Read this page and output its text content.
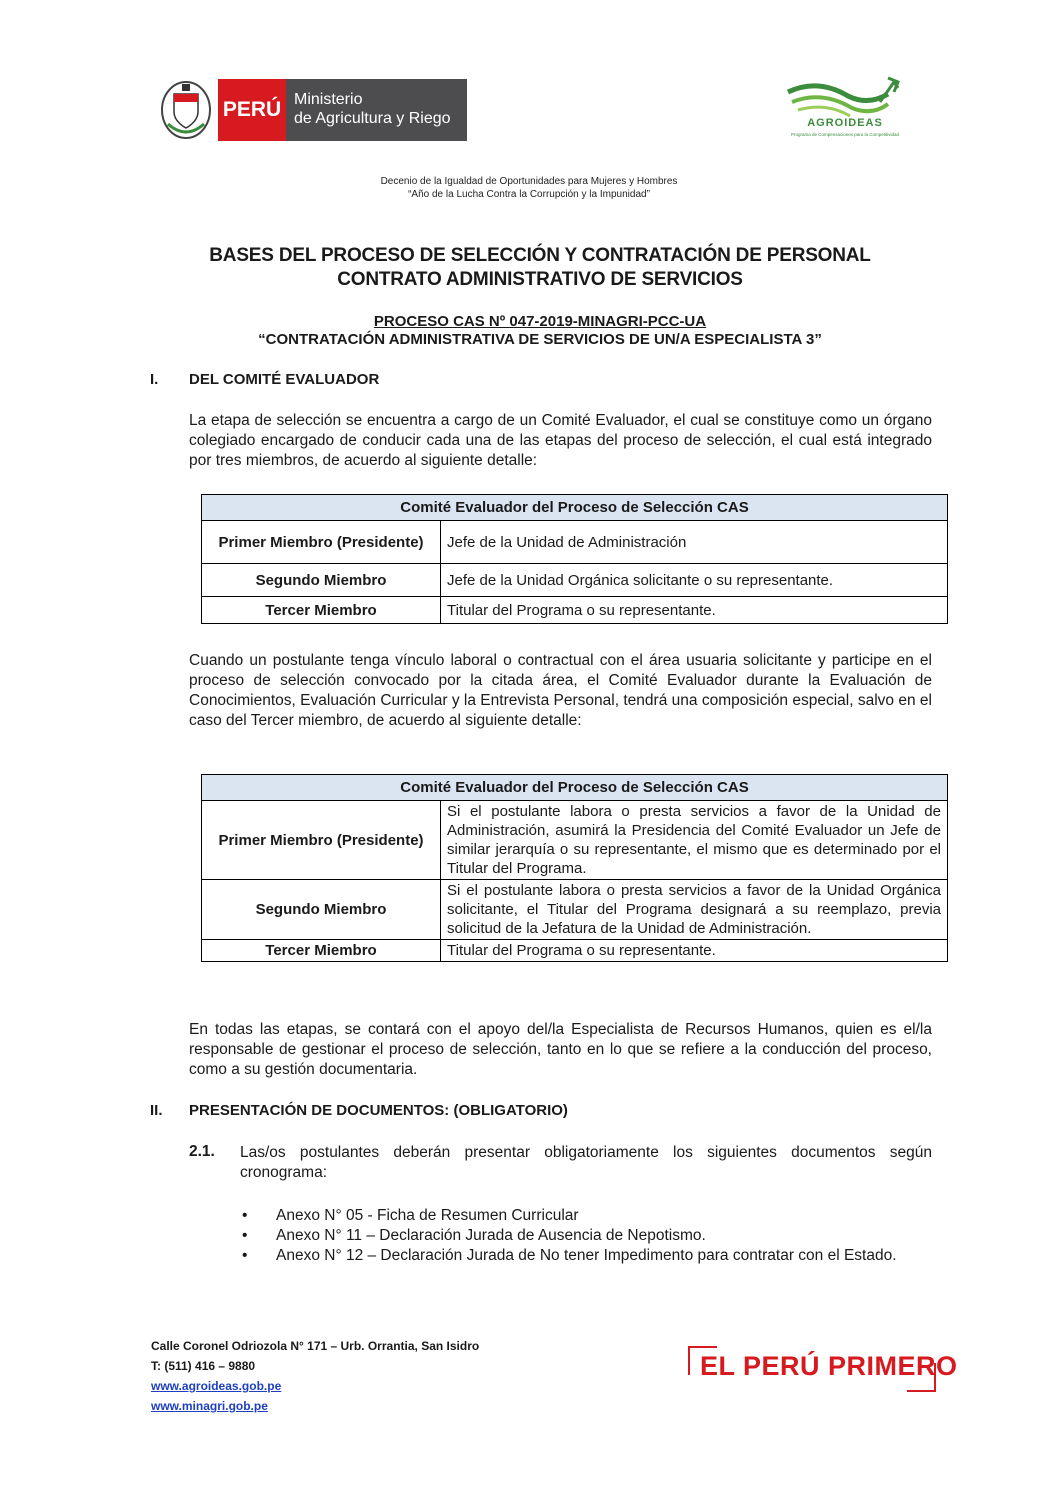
PERÚ Ministerio
de Agricultura y Riego	AGROIDEAS
Programa de Compensaciones para la Competitividad
Decenio de la Igualdad de Oportunidades para Mujeres y Hombres
“Año de la Lucha Contra la Corrupción y la Impunidad”
BASES DEL PROCESO DE SELECCIÓN Y CONTRATACIÓN DE PERSONAL
CONTRATO ADMINISTRATIVO DE SERVICIOS
PROCESO CAS Nº 047-2019-MINAGRI-PCC-UA
“CONTRATACIÓN ADMINISTRATIVA DE SERVICIOS DE UN/A ESPECIALISTA 3”
I. DEL COMITÉ EVALUADOR
La etapa de selección se encuentra a cargo de un Comité Evaluador, el cual se constituye como un órgano colegiado encargado de conducir cada una de las etapas del proceso de selección, el cual está integrado por tres miembros, de acuerdo al siguiente detalle:
Comité Evaluador del Proceso de Selección CAS	
Primer Miembro (Presidente)	Jefe de la Unidad de Administración
Segundo Miembro	Jefe de la Unidad Orgánica solicitante o su representante.
Tercer Miembro	Titular del Programa o su representante.
Cuando un postulante tenga vínculo laboral o contractual con el área usuaria solicitante y participe en el proceso de selección convocado por la citada área, el Comité Evaluador durante la Evaluación de Conocimientos, Evaluación Curricular y la Entrevista Personal, tendrá una composición especial, salvo en el caso del Tercer miembro, de acuerdo al siguiente detalle:
Comité Evaluador del Proceso de Selección CAS	
Primer Miembro (Presidente)	Si el postulante labora o presta servicios a favor de la Unidad de Administración, asumirá la Presidencia del Comité Evaluador un Jefe de similar jerarquía o su representante, el mismo que es determinado por el Titular del Programa.
Segundo Miembro	Si el postulante labora o presta servicios a favor de la Unidad Orgánica solicitante, el Titular del Programa designará a su reemplazo, previa solicitud de la Jefatura de la Unidad de Administración.
Tercer Miembro	Titular del Programa o su representante.
En todas las etapas, se contará con el apoyo del/la Especialista de Recursos Humanos, quien es el/la responsable de gestionar el proceso de selección, tanto en lo que se refiere a la conducción del proceso, como a su gestión documentaria.
II. PRESENTACIÓN DE DOCUMENTOS: (OBLIGATORIO)
2.1. Las/os postulantes deberán presentar obligatoriamente los siguientes documentos según cronograma:
• Anexo N° 05 - Ficha de Resumen Curricular
• Anexo N° 11 – Declaración Jurada de Ausencia de Nepotismo.
• Anexo N° 12 – Declaración Jurada de No tener Impedimento para contratar con el Estado.
Calle Coronel Odriozola N° 171 – Urb. Orrantia, San Isidro
T: (511) 416 – 9880
www.agroideas.gob.pe
www.minagri.gob.pe
EL PERÚ PRIMERO
